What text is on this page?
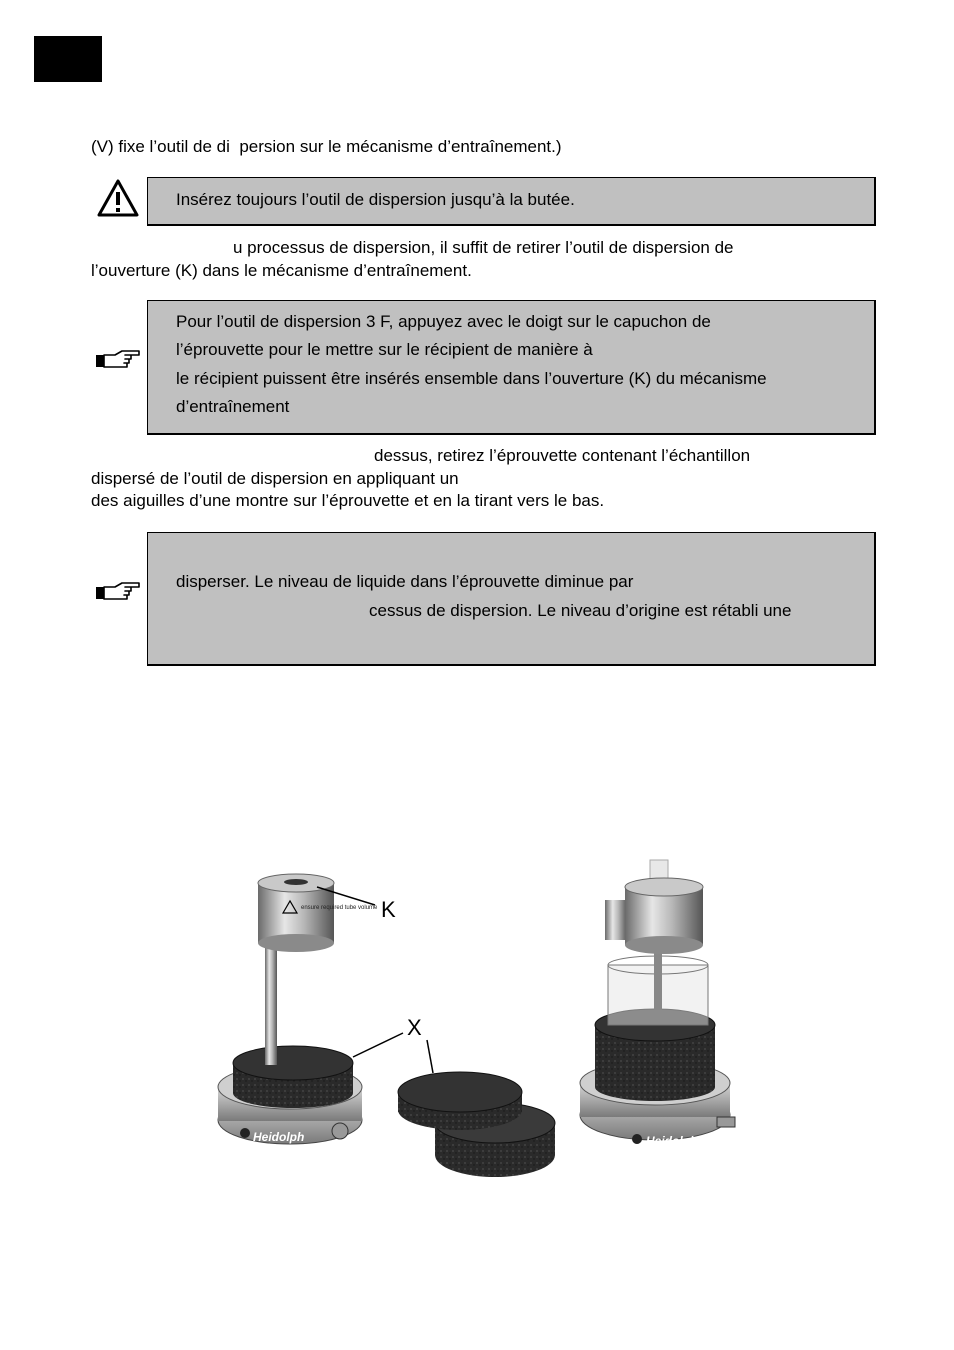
(V) fixe l’outil de di  persion sur le mécanisme d’entraînement.)
Insérez toujours l’outil de dispersion jusqu’à la butée.
u processus de dispersion, il suffit de retirer l’outil de dispersion de
l’ouverture (K) dans le mécanisme d’entraînement.
Pour l’outil de dispersion 3 F, appuyez avec le doigt sur le capuchon de
l’éprouvette pour le mettre sur le récipient de manière à
le récipient puissent être insérés ensemble dans l’ouverture (K) du mécanisme
d’entraînement
dessus, retirez l’éprouvette contenant l’échantillon
dispersé de l’outil de dispersion en appliquant un
des aiguilles d’une montre sur l’éprouvette et en la tirant vers le bas.
disperser. Le niveau de liquide dans l’éprouvette diminue par
cessus de dispersion. Le niveau d’origine est rétabli une
ensure required tube volume
Heidolph	Heidolph
K
X
